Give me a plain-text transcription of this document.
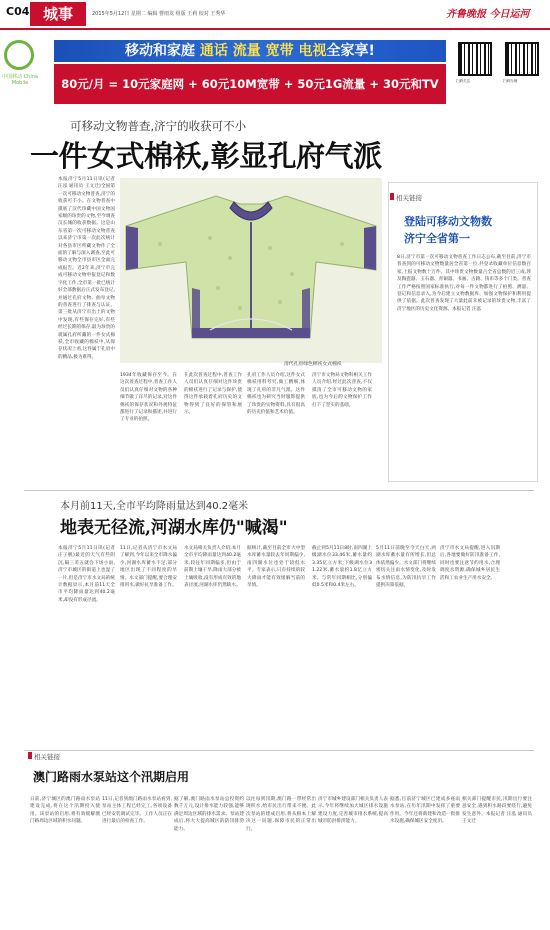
C04 城事	2015年5月12日 星期二 编辑 曹雨龙 组版 王莉 校对 王秀华	齐鲁晚报 今日运河
中国移动 China Mobile
移动和家庭 通话 流量 宽带 电视全家享!
80元/月 = 10元家庭网 + 60元10M宽带 + 50元1G流量 + 30元和TV	扫码关注	扫码办理
可移动文物普查,济宁的收获可不小
一件女式棉袄,彰显孔府气派
本报济宁5月11日讯(记者 汪泓 通讯员 王文迁)全国第一次可移动文物普查,济宁的收获可不小。在文物普查中摸底了汉代珍藏中国文物国家级的珍贵的文物,至今调查汉长城的收获数据。这是山东省第一次可移动文物普查以来济宁市第一次此次统计对各县市区所藏文物作了全面的了解与深入调查,至此可移动文物全市县市区全面完成报告。近2年来,济宁市完成可移动文物申报登记和数字化工作,全市第一批已统计好全部数据后正式发布登记,并通过孔府文物、曲阜文物的普查进行了排查与认证。第三批从济宁市出土的文物中发现,有些保存完好,有些经过长期的保存,最为珍贵的就属孔府所藏的一件女式棉袄,全市收藏的棉袄中,从保存状况上看,这件属于孔府中的精品,极为难得。
清代孔府绿色棉袄女式棉袄
1934年收藏保存至今。在这次普查过程中,普查工作人员们认真仔细对文物的各种细节做了详尽的记录,对这件棉袄的保存状况和外观特征都进行了记录和描述,并进行了专业的拍照。
在此次普查过程中,普查工作人员们认真仔细对这件珍贵的棉袄进行了记录与保护,使得这件承载着孔府历史的文物得到了良好的保管和展示。
孔府工作人员介绍,这件女式棉袄用料考究,做工精细,体现了孔府的非凡气派。这件棉袄也为研究当时服饰提供了珍贵的实物资料,具有很高的历史价值和艺术价值。
济宁市文物局文物科相关工作人员介绍,经过此次普查,不仅摸清了全市可移动文物的家底,也为今后的文物保护工作打下了坚实的基础。
相关链接
登陆可移动文物数
济宁全省第一
8日,济宁市第一次可移动文物普查工作日志公布,截至目前,济宁市普查到的可移动文物数量居全省第一位,共登录收藏单位信息数百家,上报文物数十万件。其中珍贵文物数量占全省总数的近三成,涉及陶瓷器、玉石器、青铜器、书画、古籍、钱币等多个门类。普查工作严格按照国家标准执行,对每一件文物都进行了拍照、测量、登记和信息录入,为今后建立文物数据库、加强文物保护和利用提供了依据。此次普查发现了大量此前未被记录的珍贵文物,丰富了济宁地区的历史文化资源。本报记者 汪泓
本月前11天,全市平均降雨量达到40.2毫米
地表无径流,河湖水库仍"喊渴"
本报济宁5月11日讯(记者 庄子帆)最近的天气有些阴沉,隔三差五就会下场小雨,济宁市城区的街道上也湿了一片,但是济宁市水文局的统计数据显示,本月前11天全市平均降雨量达到40.2毫米,却没有形成径流。
11日,记者从济宁市水文局了解到,今年以来全市降水偏少,河湖水库蓄水不足,部分地区出现了不同程度的旱情。水文部门提醒,要合理安排用水,做好抗旱准备工作。
水文局相关负责人介绍,本月全市平均降雨量达到40.2毫米,较往年同期偏多,但由于前期土壤干旱,降雨大部分被土壤吸收,没有形成有效的地表径流,河湖水库仍然缺水。
据统计,截至目前全市大中型水库蓄水量较去年同期偏少,南四湖水位也处于较低水平。专家表示,只有持续的较大降雨才能有效缓解当前的旱情。
截止到5月11日8时,南四湖上级湖水位33.46米,蓄水量约3.35亿立方米;下级湖水位31.22米,蓄水量约1.8亿立方米。与常年同期相比,分别偏低0.5米和0.4米左右。
5月11日前晚至今天白天,两湖水库蓄水量有所增长,但总体依然偏少。水文部门将继续密切关注雨水情变化,及时发布水情信息,为防汛抗旱工作提供决策依据。
济宁市水文局提醒,进入汛期后,各地要做好防汛准备工作,同时也要注意节约用水,合理调度水资源,确保城乡居民生活和工农业生产用水安全。
相关链接
澳门路雨水泵站这个汛期启用
日前,济宁城区的澳门路雨水泵站建设完成,将在这个汛期投入使用。该泵站的启用,将有效缓解澳门路周边区域的积水问题。
11日,记者到澳门路雨水泵站看到,泵站主体工程已经完工,各项设备已经安装调试完毕。工作人员正在进行最后的检查工作。
据了解,澳门路雨水泵站总投资约数千万元,设计排水能力较强,能够满足周边区域的排水需求。泵站建成后,将大大提高城区的防汛排涝能力。
以往每到汛期,澳门路一带经常出现积水,给市民出行带来不便。此次泵站的建成启用,将从根本上解决这一问题,保障市民的正常出行。
济宁市城乡建设部门相关负责人表示,今年将继续加大城区排水设施建设力度,完善城市排水系统,提高城市防洪排涝能力。
据悉,目前济宁城区已建成多座雨水泵站,在历年汛期中发挥了重要作用。今年还将新建和改造一批排水设施,确保城区安全度汛。
相关部门提醒市民,汛期出行要注意安全,遇到积水路段要绕行,避免发生意外。本报记者 汪泓 通讯员 王文迁
